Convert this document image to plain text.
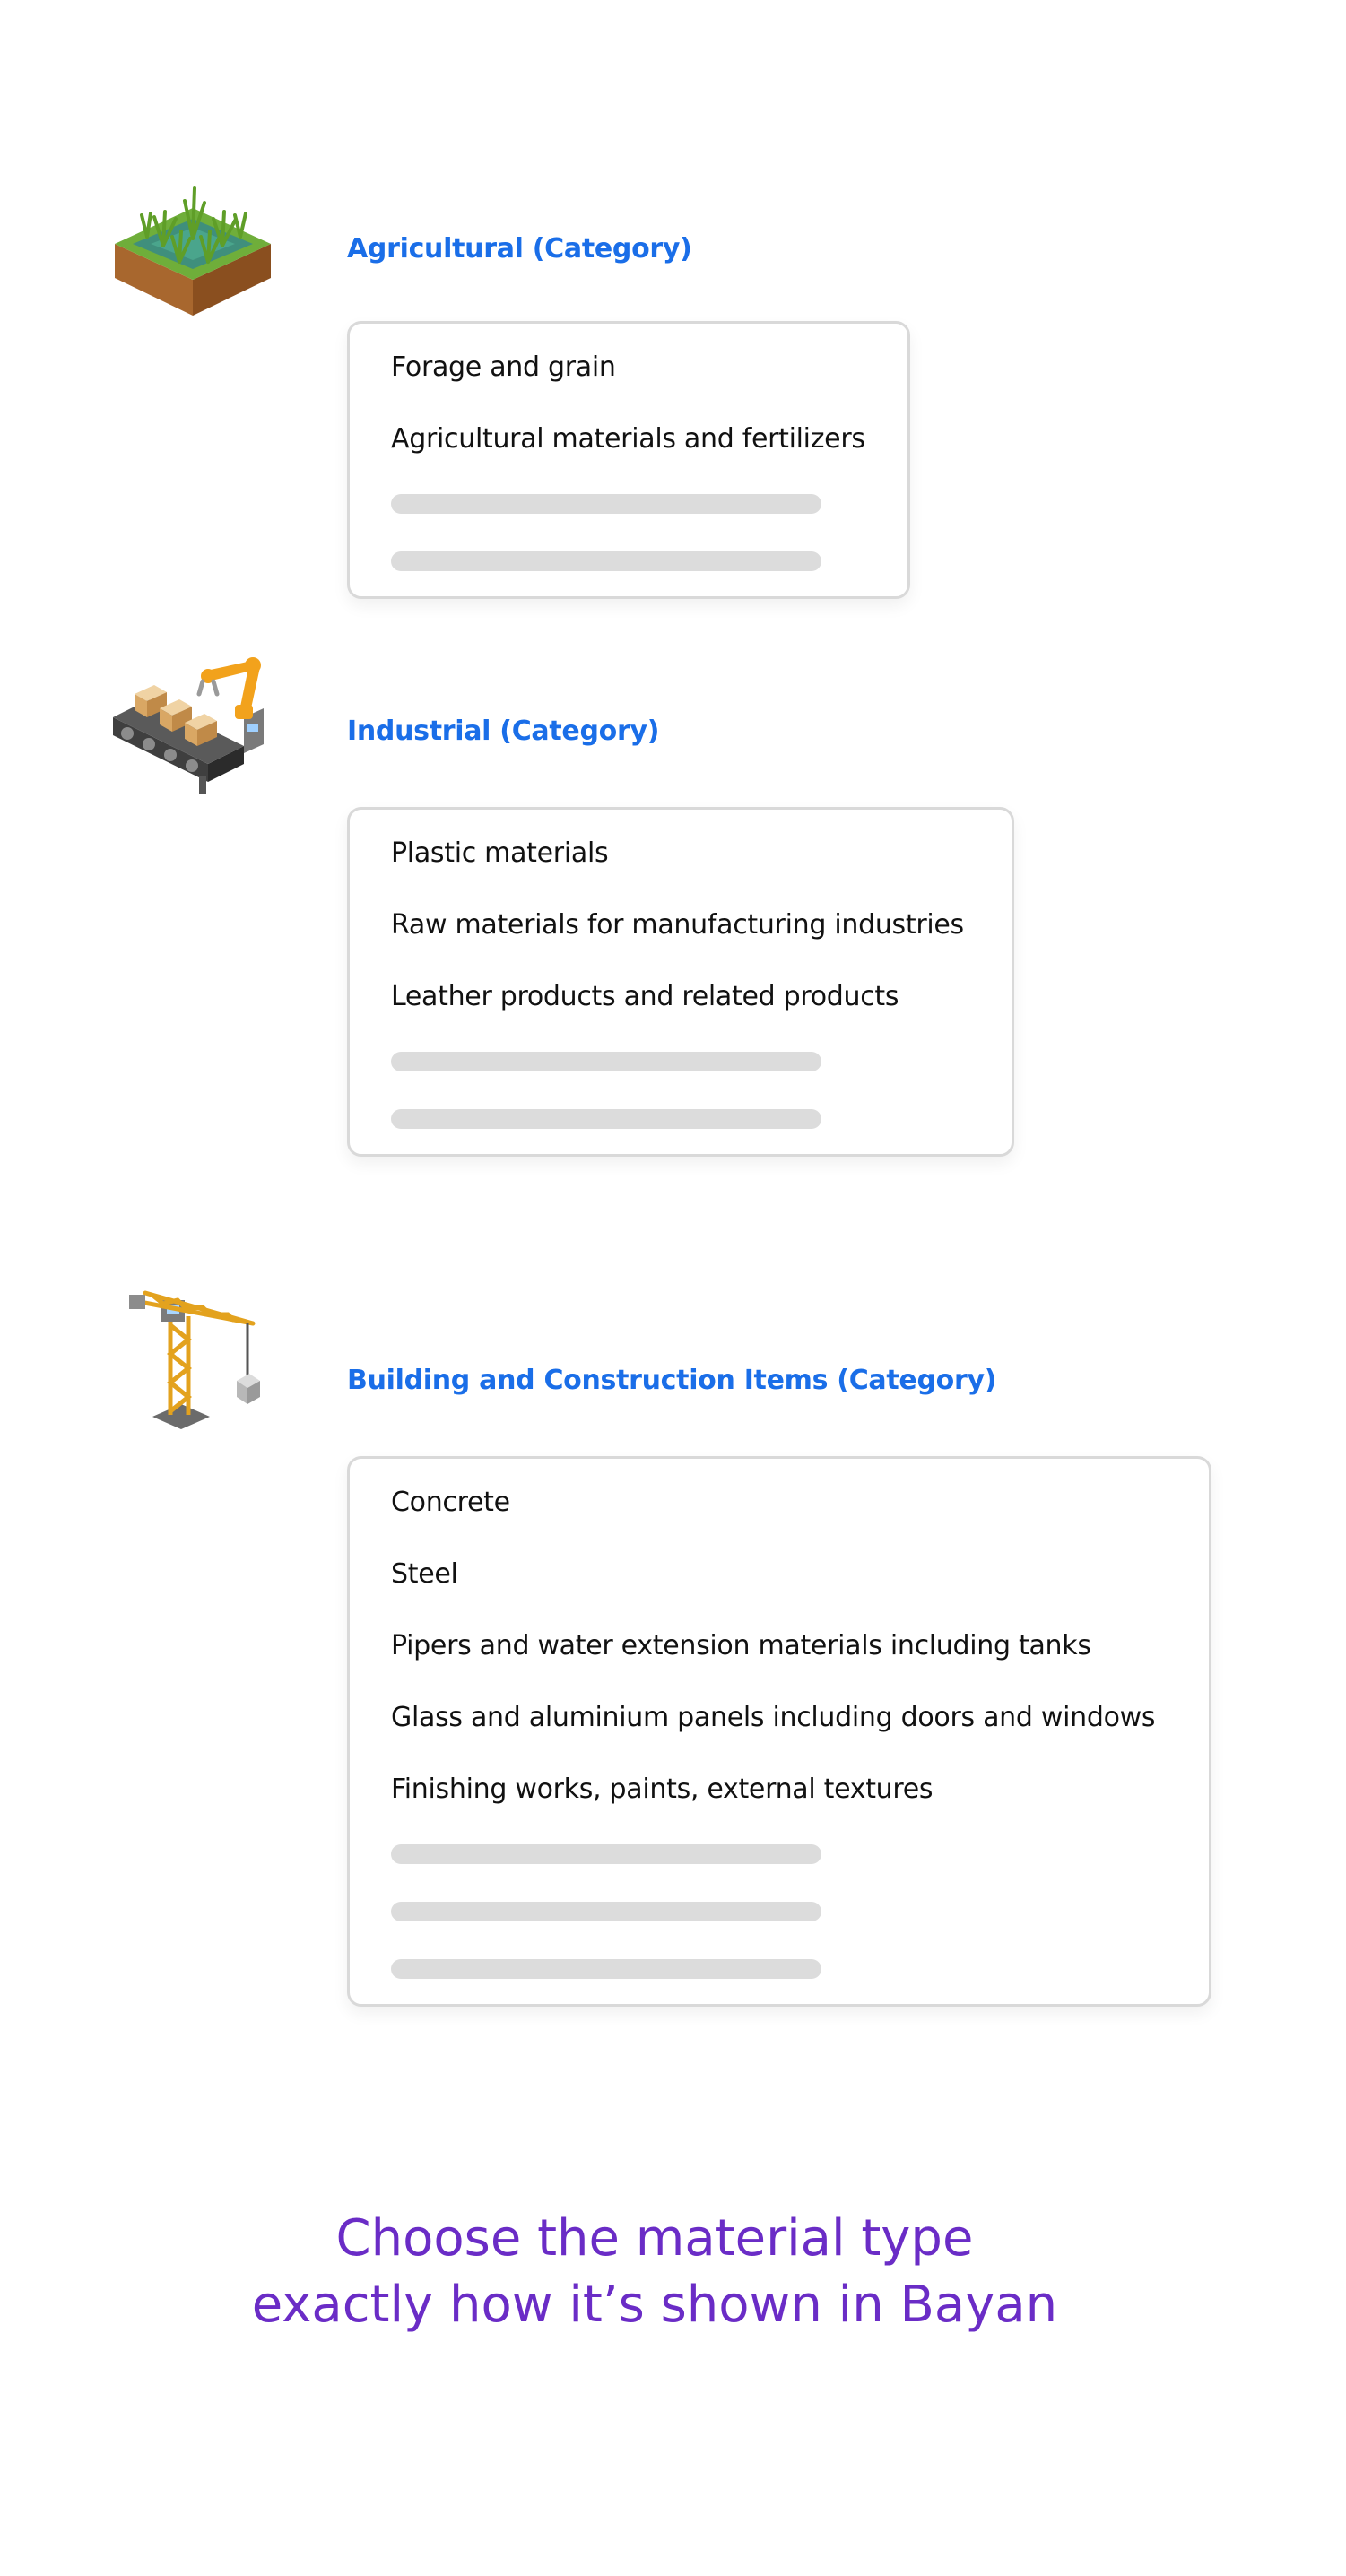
Agricultural (Category)
Forage and grain
Agricultural materials and fertilizers
Industrial (Category)
Plastic materials
Raw materials for manufacturing industries
Leather products and related products
Building and Construction Items (Category)
Concrete
Steel
Pipers and water extension materials including tanks
Glass and aluminium panels including doors and windows
Finishing works, paints, external textures
Choose the material type
exactly how it’s shown in Bayan
